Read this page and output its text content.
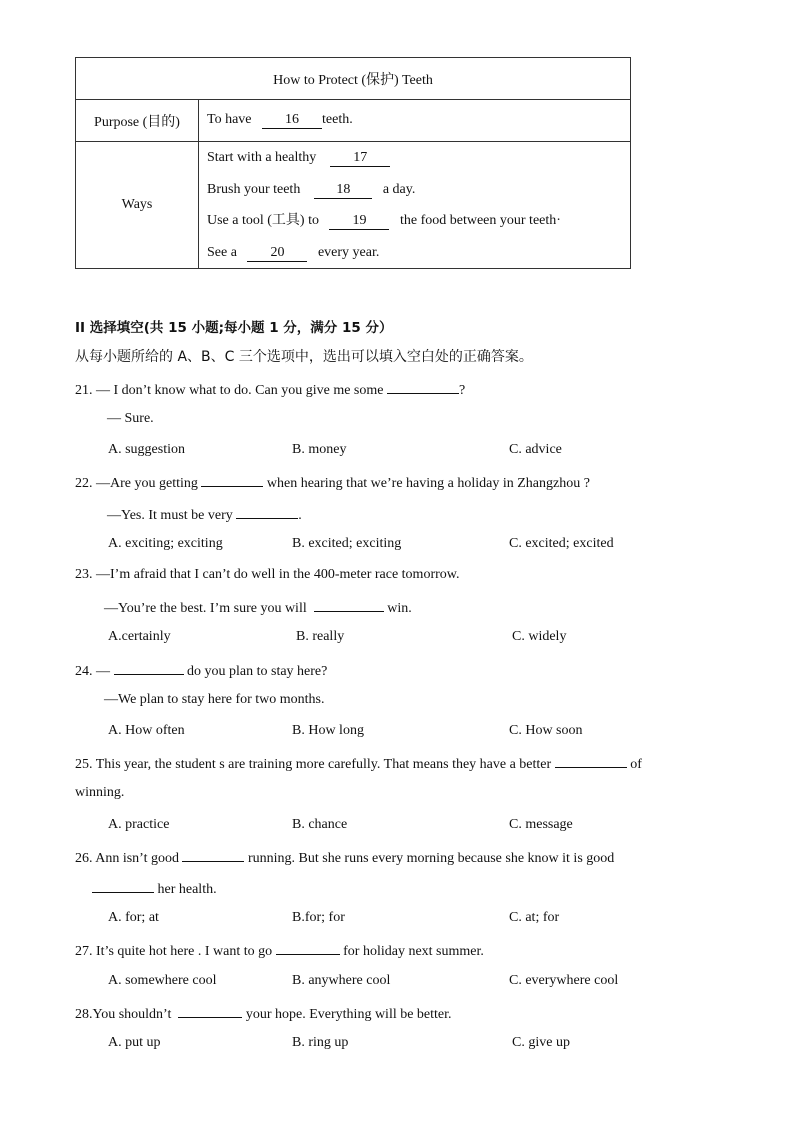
How to Protect (保护) Teeth	
Purpose (目的)	To have 16 teeth.
Ways	Start with a healthy 17
Brush your teeth 18 a day.
Use a tool (工具) to 19 the food between your teeth·
See a 20 every year.
II 选择填空(共 15 小题;每小题 1 分，满分 15 分）
从每小题所给的 A、B、C 三个选项中，选出可以填入空白处的正确答案。
21. — I don’t know what to do. Can you give me some	?
— Sure.
A. suggestion	B. money	C. advice
22. —Are you getting	when hearing that we’re having a holiday in Zhangzhou ?
—Yes. It must be very	.
A. exciting; exciting	B. excited; exciting	C. excited; excited
23. —I’m afraid that I can’t do well in the 400-meter race tomorrow.
—You’re the best. I’m sure you will	win.
A.certainly	B. really	C. widely
24. —	do you plan to stay here?
—We plan to stay here for two months.
A. How often	B. How long	C. How soon
25. This year, the student s are training more carefully. That means they have a better	of
winning.
A. practice	B. chance	C. message
26. Ann isn’t good	running. But she runs every morning because she know it is good
her health.
A. for; at	B.for; for	C. at; for
27. It’s quite hot here . I want to go	for holiday next summer.
A. somewhere cool	B. anywhere cool	C. everywhere cool
28.You shouldn’t	your hope. Everything will be better.
A. put up	B. ring up	C. give up
